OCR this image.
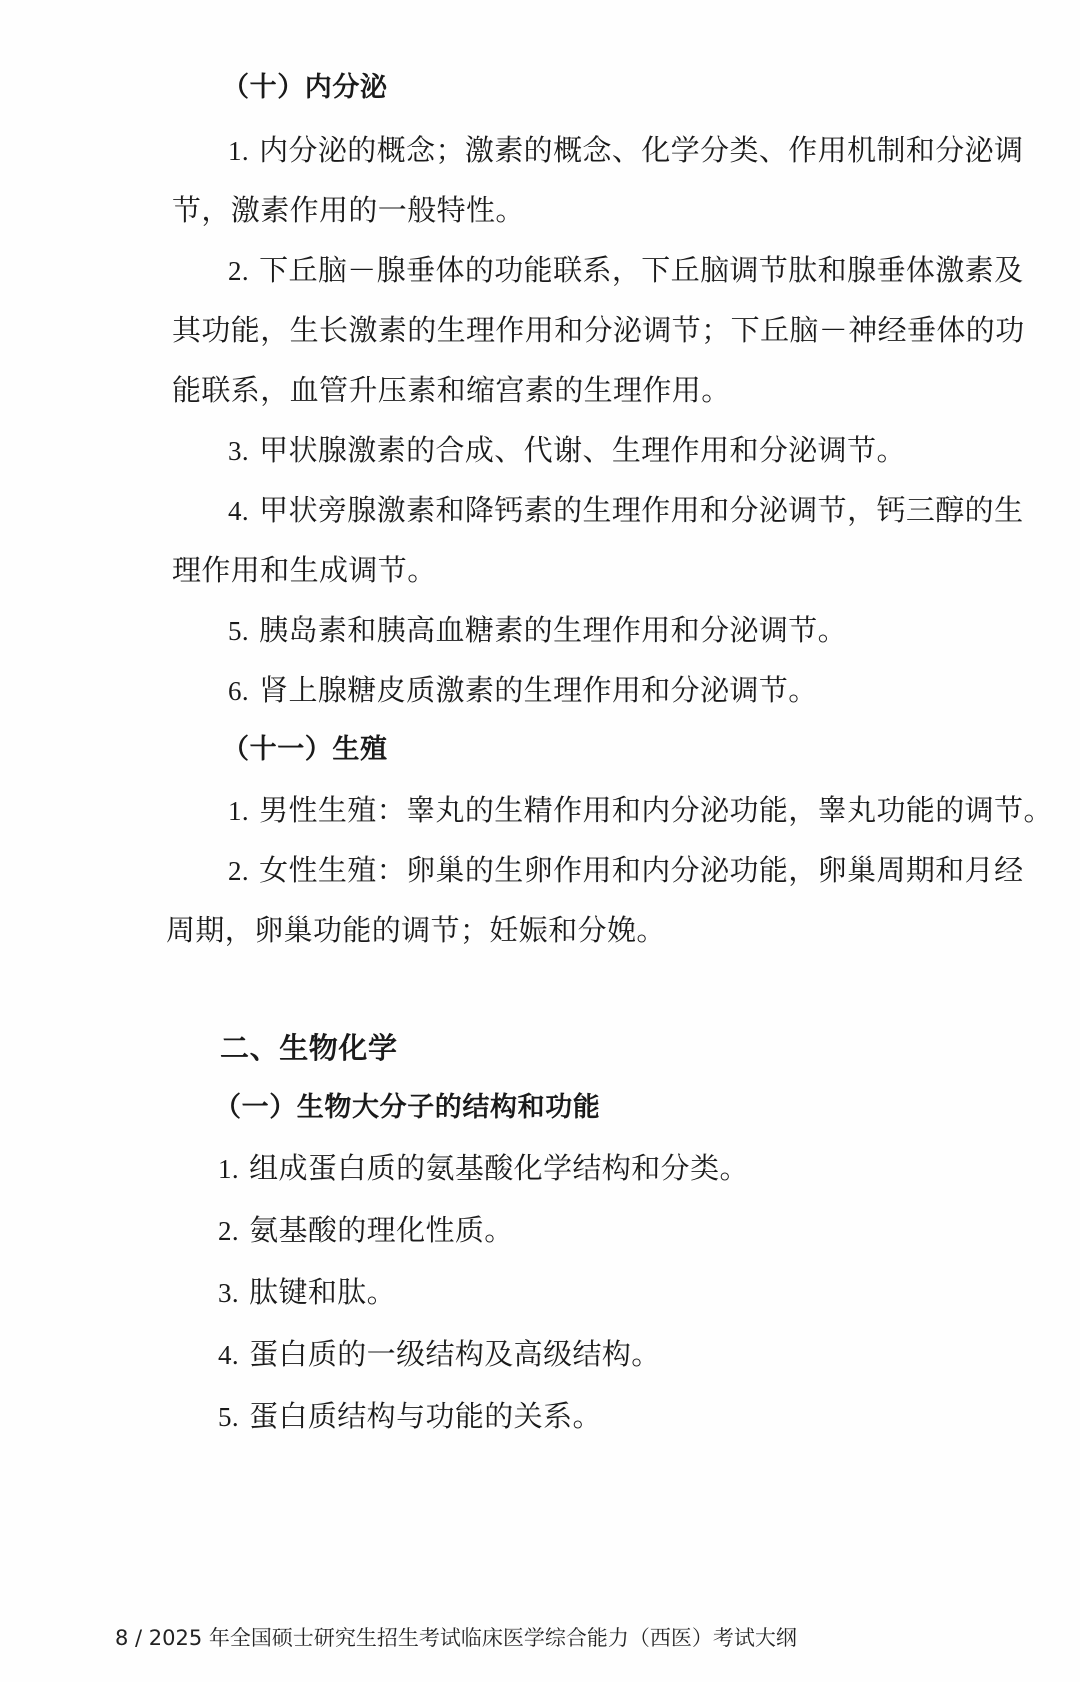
（十）内分泌
1. 内分泌的概念；激素的概念、化学分类、作用机制和分泌调
节，激素作用的一般特性。
2. 下丘脑－腺垂体的功能联系，下丘脑调节肽和腺垂体激素及
其功能，生长激素的生理作用和分泌调节；下丘脑－神经垂体的功
能联系，血管升压素和缩宫素的生理作用。
3. 甲状腺激素的合成、代谢、生理作用和分泌调节。
4. 甲状旁腺激素和降钙素的生理作用和分泌调节，钙三醇的生
理作用和生成调节。
5. 胰岛素和胰高血糖素的生理作用和分泌调节。
6. 肾上腺糖皮质激素的生理作用和分泌调节。
（十一）生殖
1. 男性生殖：睾丸的生精作用和内分泌功能，睾丸功能的调节。
2. 女性生殖：卵巢的生卵作用和内分泌功能，卵巢周期和月经
周期，卵巢功能的调节；妊娠和分娩。
二、生物化学
（一）生物大分子的结构和功能
1. 组成蛋白质的氨基酸化学结构和分类。
2. 氨基酸的理化性质。
3. 肽键和肽。
4. 蛋白质的一级结构及高级结构。
5. 蛋白质结构与功能的关系。
8 / 2025 年全国硕士研究生招生考试临床医学综合能力（西医）考试大纲
